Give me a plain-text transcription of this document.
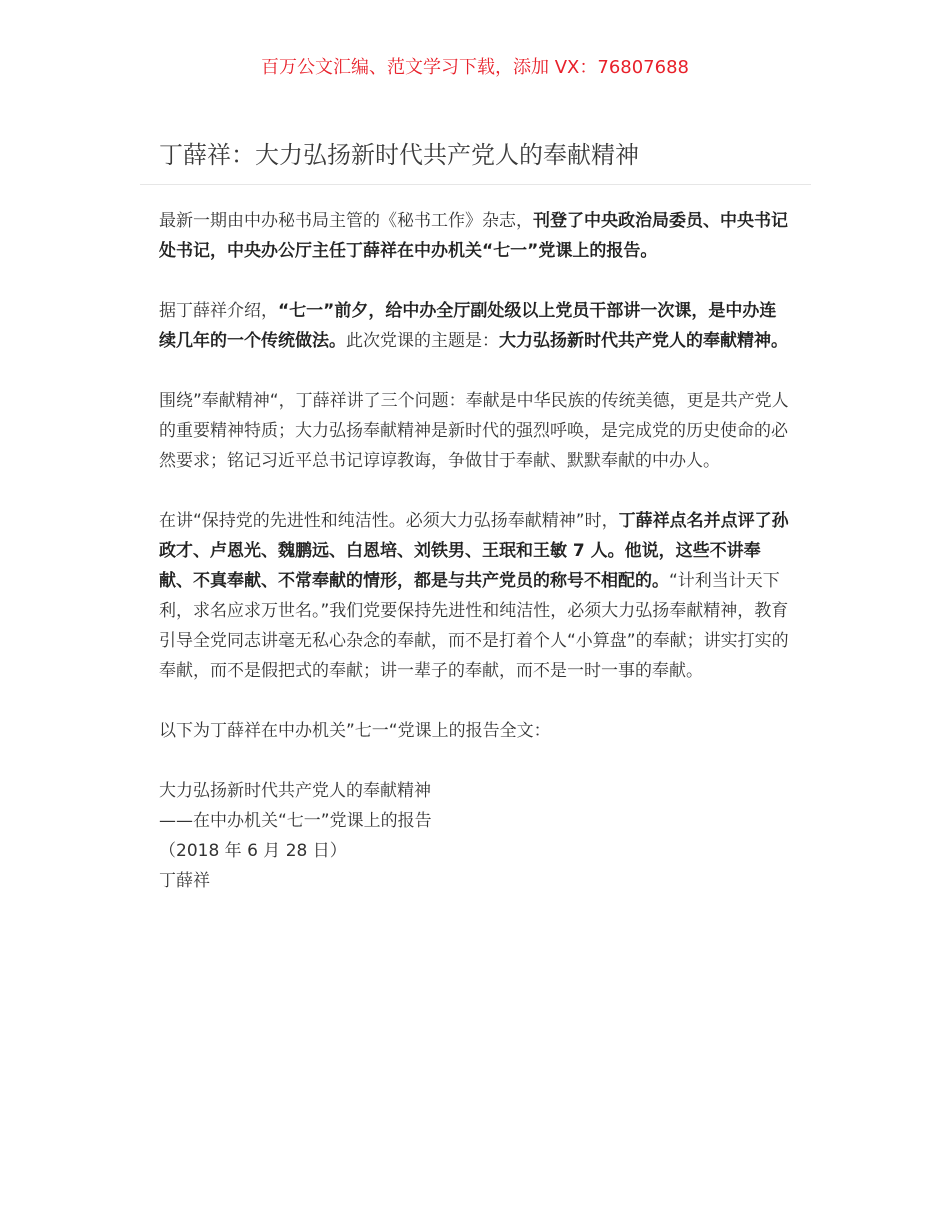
百万公文汇编、范文学习下载，添加 VX：76807688
丁薛祥：大力弘扬新时代共产党人的奉献精神

最新一期由中办秘书局主管的《秘书工作》杂志，刊登了中央政治局委员、中央书记处书记，中央办公厅主任丁薛祥在中办机关“七一”党课上的报告。

据丁薛祥介绍，“七一”前夕，给中办全厅副处级以上党员干部讲一次课，是中办连续几年的一个传统做法。此次党课的主题是：大力弘扬新时代共产党人的奉献精神。

围绕”奉献精神“，丁薛祥讲了三个问题：奉献是中华民族的传统美德，更是共产党人的重要精神特质；大力弘扬奉献精神是新时代的强烈呼唤，是完成党的历史使命的必然要求；铭记习近平总书记谆谆教诲，争做甘于奉献、默默奉献的中办人。

在讲“保持党的先进性和纯洁性。必须大力弘扬奉献精神”时，丁薛祥点名并点评了孙政才、卢恩光、魏鹏远、白恩培、刘铁男、王珉和王敏 7 人。他说，这些不讲奉献、不真奉献、不常奉献的情形，都是与共产党员的称号不相配的。“计利当计天下利，求名应求万世名。”我们党要保持先进性和纯洁性，必须大力弘扬奉献精神，教育引导全党同志讲毫无私心杂念的奉献，而不是打着个人“小算盘”的奉献；讲实打实的奉献，而不是假把式的奉献；讲一辈子的奉献，而不是一时一事的奉献。

以下为丁薛祥在中办机关”七一“党课上的报告全文：

大力弘扬新时代共产党人的奉献精神

——在中办机关“七一”党课上的报告

（2018 年 6 月 28 日）

丁薛祥
